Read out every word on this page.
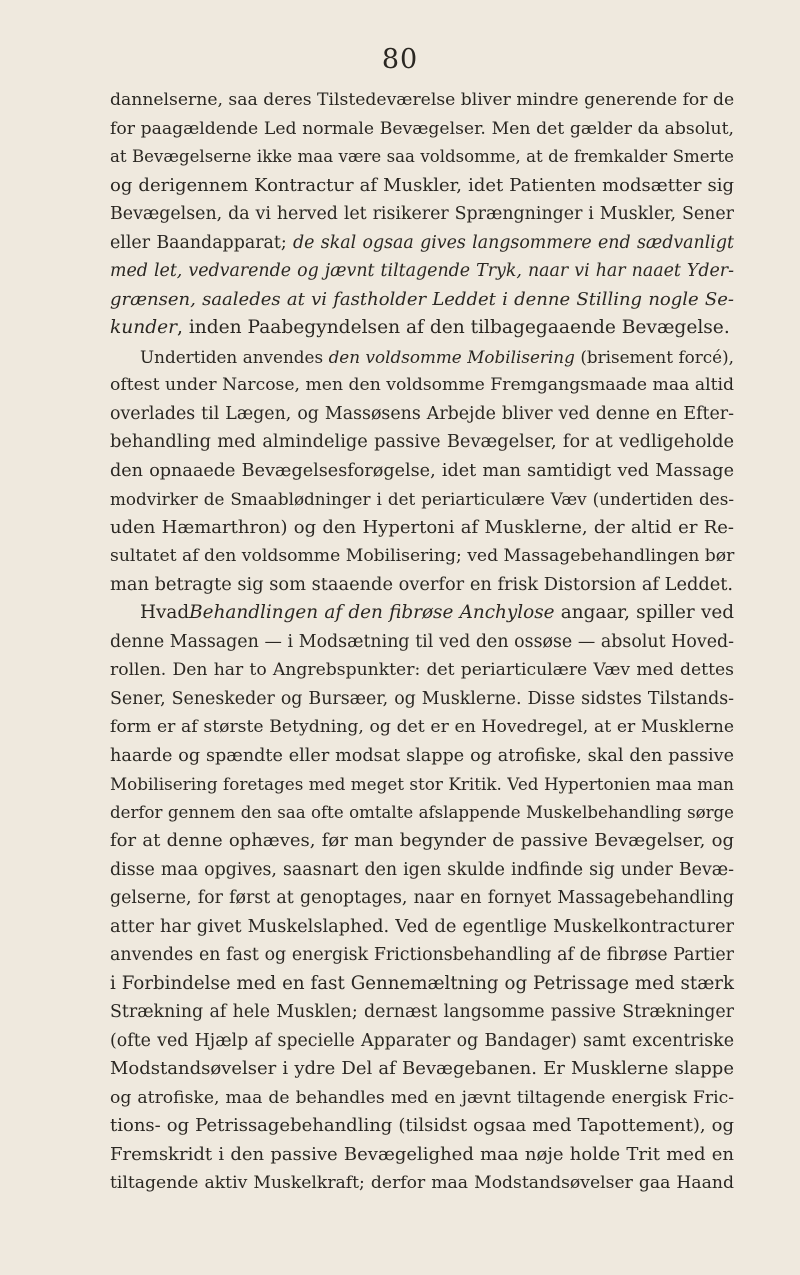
80
dannelserne, saa deres Tilstedeværelse bliver mindre generende for de
for paagældende Led normale Bevægelser. Men det gælder da absolut,
at Bevægelserne ikke maa være saa voldsomme, at de fremkalder Smerte
og derigennem Kontractur af Muskler, idet Patienten modsætter sig
Bevægelsen, da vi herved let risikerer Sprængninger i Muskler, Sener
eller Baandapparat; de skal ogsaa gives langsommere end sædvanligt
med let, vedvarende og jævnt tiltagende Tryk, naar vi har naaet Yder-
grænsen, saaledes at vi fastholder Leddet i denne Stilling nogle Se-
kunder, inden Paabegyndelsen af den tilbagegaaende Bevægelse.
Undertiden anvendes den voldsomme Mobilisering (brisement forcé),
oftest under Narcose, men den voldsomme Fremgangsmaade maa altid
overlades til Lægen, og Massøsens Arbejde bliver ved denne en Efter-
behandling med almindelige passive Bevægelser, for at vedligeholde
den opnaaede Bevægelsesforøgelse, idet man samtidigt ved Massage
modvirker de Smaablødninger i det periarticulære Væv (undertiden des-
uden Hæmarthron) og den Hypertoni af Musklerne, der altid er Re-
sultatet af den voldsomme Mobilisering; ved Massagebehandlingen bør
man betragte sig som staaende overfor en frisk Distorsion af Leddet.
HvadBehandlingen af den fibrøse Anchylose angaar, spiller ved
denne Massagen — i Modsætning til ved den ossøse — absolut Hoved-
rollen. Den har to Angrebspunkter: det periarticulære Væv med dettes
Sener, Seneskeder og Bursæer, og Musklerne. Disse sidstes Tilstands-
form er af største Betydning, og det er en Hovedregel, at er Musklerne
haarde og spændte eller modsat slappe og atrofiske, skal den passive
Mobilisering foretages med meget stor Kritik. Ved Hypertonien maa man
derfor gennem den saa ofte omtalte afslappende Muskelbehandling sørge
for at denne ophæves, før man begynder de passive Bevægelser, og
disse maa opgives, saasnart den igen skulde indfinde sig under Bevæ-
gelserne, for først at genoptages, naar en fornyet Massagebehandling
atter har givet Muskelslaphed. Ved de egentlige Muskelkontracturer
anvendes en fast og energisk Frictionsbehandling af de fibrøse Partier
i Forbindelse med en fast Gennemæltning og Petrissage med stærk
Strækning af hele Musklen; dernæst langsomme passive Strækninger
(ofte ved Hjælp af specielle Apparater og Bandager) samt excentriske
Modstandsøvelser i ydre Del af Bevægebanen. Er Musklerne slappe
og atrofiske, maa de behandles med en jævnt tiltagende energisk Fric-
tions- og Petrissagebehandling (tilsidst ogsaa med Tapottement), og
Fremskridt i den passive Bevægelighed maa nøje holde Trit med en
tiltagende aktiv Muskelkraft; derfor maa Modstandsøvelser gaa Haand
